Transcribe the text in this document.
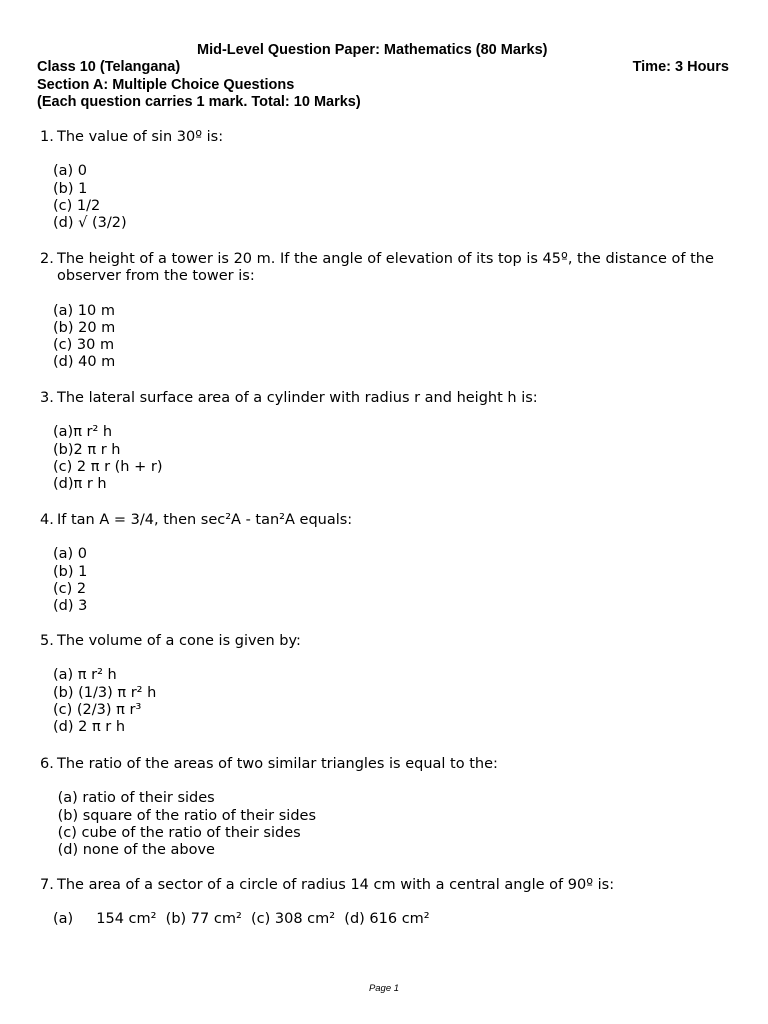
Mid-Level Question Paper: Mathematics (80 Marks)
Class 10 (Telangana)	Time: 3 Hours
Section A: Multiple Choice Questions
(Each question carries 1 mark. Total: 10 Marks)
1. The value of sin 30º is:
(a) 0
(b) 1
(c) 1/2
(d) √ (3/2)
2. The height of a tower is 20 m. If the angle of elevation of its top is 45º, the distance of the observer from the tower is:
(a) 10 m
(b) 20 m
(c) 30 m
(d) 40 m
3. The lateral surface area of a cylinder with radius r and height h is:
(a)π r² h
(b)2 π r h
(c) 2 π r (h + r)
(d)π r h
4. If tan A = 3/4, then sec²A - tan²A equals:
(a) 0
(b) 1
(c) 2
(d) 3
5. The volume of a cone is given by:
(a) π r² h
(b) (1/3) π r² h
(c) (2/3) π r³
(d) 2 π r h
6. The ratio of the areas of two similar triangles is equal to the:
(a) ratio of their sides
(b) square of the ratio of their sides
(c) cube of the ratio of their sides
(d) none of the above
7. The area of a sector of a circle of radius 14 cm with a central angle of 90º is:
(a)     154 cm²  (b) 77 cm²  (c) 308 cm²  (d) 616 cm²
Page 1
